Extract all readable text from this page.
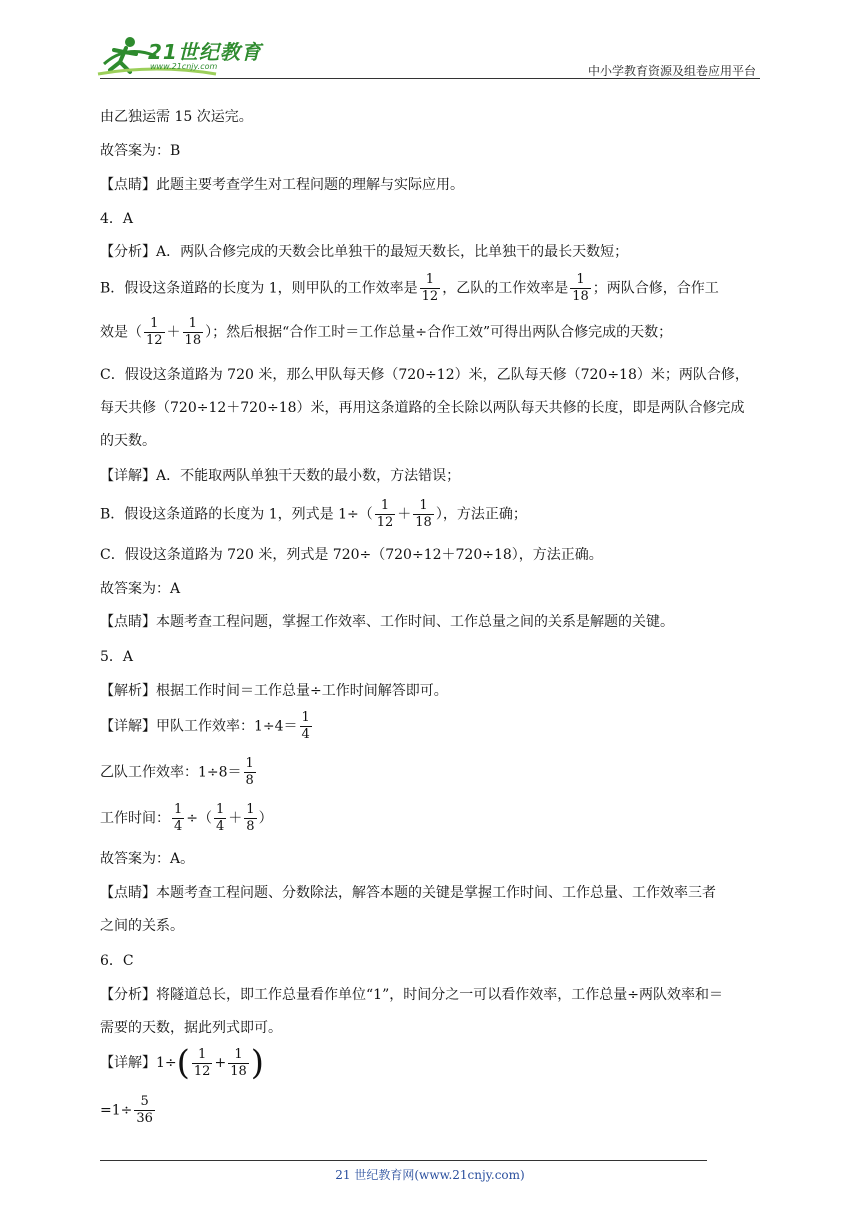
21世纪教育
www.21cnjy.com	中小学教育资源及组卷应用平台
由乙独运需 15 次运完。
故答案为：B
【点睛】此题主要考查学生对工程问题的理解与实际应用。
4．A
【分析】A．两队合修完成的天数会比单独干的最短天数长，比单独干的最长天数短；
B．假设这条道路的长度为 1，则甲队的工作效率是 $\frac{1}{12}$ ，乙队的工作效率是 $\frac{1}{18}$ ；两队合修，合作工
效是（ $\frac{1}{12} + \frac{1}{18}$ ）；然后根据“合作工时＝工作总量÷合作工效”可得出两队合修完成的天数；
C．假设这条道路为 720 米，那么甲队每天修（720÷12）米，乙队每天修（720÷18）米；两队合修，
每天共修（720÷12＋720÷18）米，再用这条道路的全长除以两队每天共修的长度，即是两队合修完成
的天数。
【详解】A．不能取两队单独干天数的最小数，方法错误；
B．假设这条道路的长度为 1，列式是 $1\div( \frac{1}{12} + \frac{1}{18}$ ），方法正确；
C．假设这条道路为 720 米，列式是 720÷（720÷12＋720÷18），方法正确。
故答案为：A
【点睛】本题考查工程问题，掌握工作效率、工作时间、工作总量之间的关系是解题的关键。
5．A
【解析】根据工作时间＝工作总量÷工作时间解答即可。
【详解】甲队工作效率：$1\div 4= \frac{1}{4}$
乙队工作效率：$1\div 8= \frac{1}{8}$
工作时间： $\frac{1}{4}$ ÷（ $\frac{1}{4} + \frac{1}{8}$ ）
故答案为：A。
【点睛】本题考查工程问题、分数除法，解答本题的关键是掌握工作时间、工作总量、工作效率三者
之间的关系。
6．C
【分析】将隧道总长，即工作总量看作单位“1”，时间分之一可以看作效率，工作总量÷两队效率和＝
需要的天数，据此列式即可。
【详解】$1\div( \frac{1}{12} + \frac{1}{18}$ )
$=1\div \frac{5}{36}$
21 世纪教育网(www.21cnjy.com)
